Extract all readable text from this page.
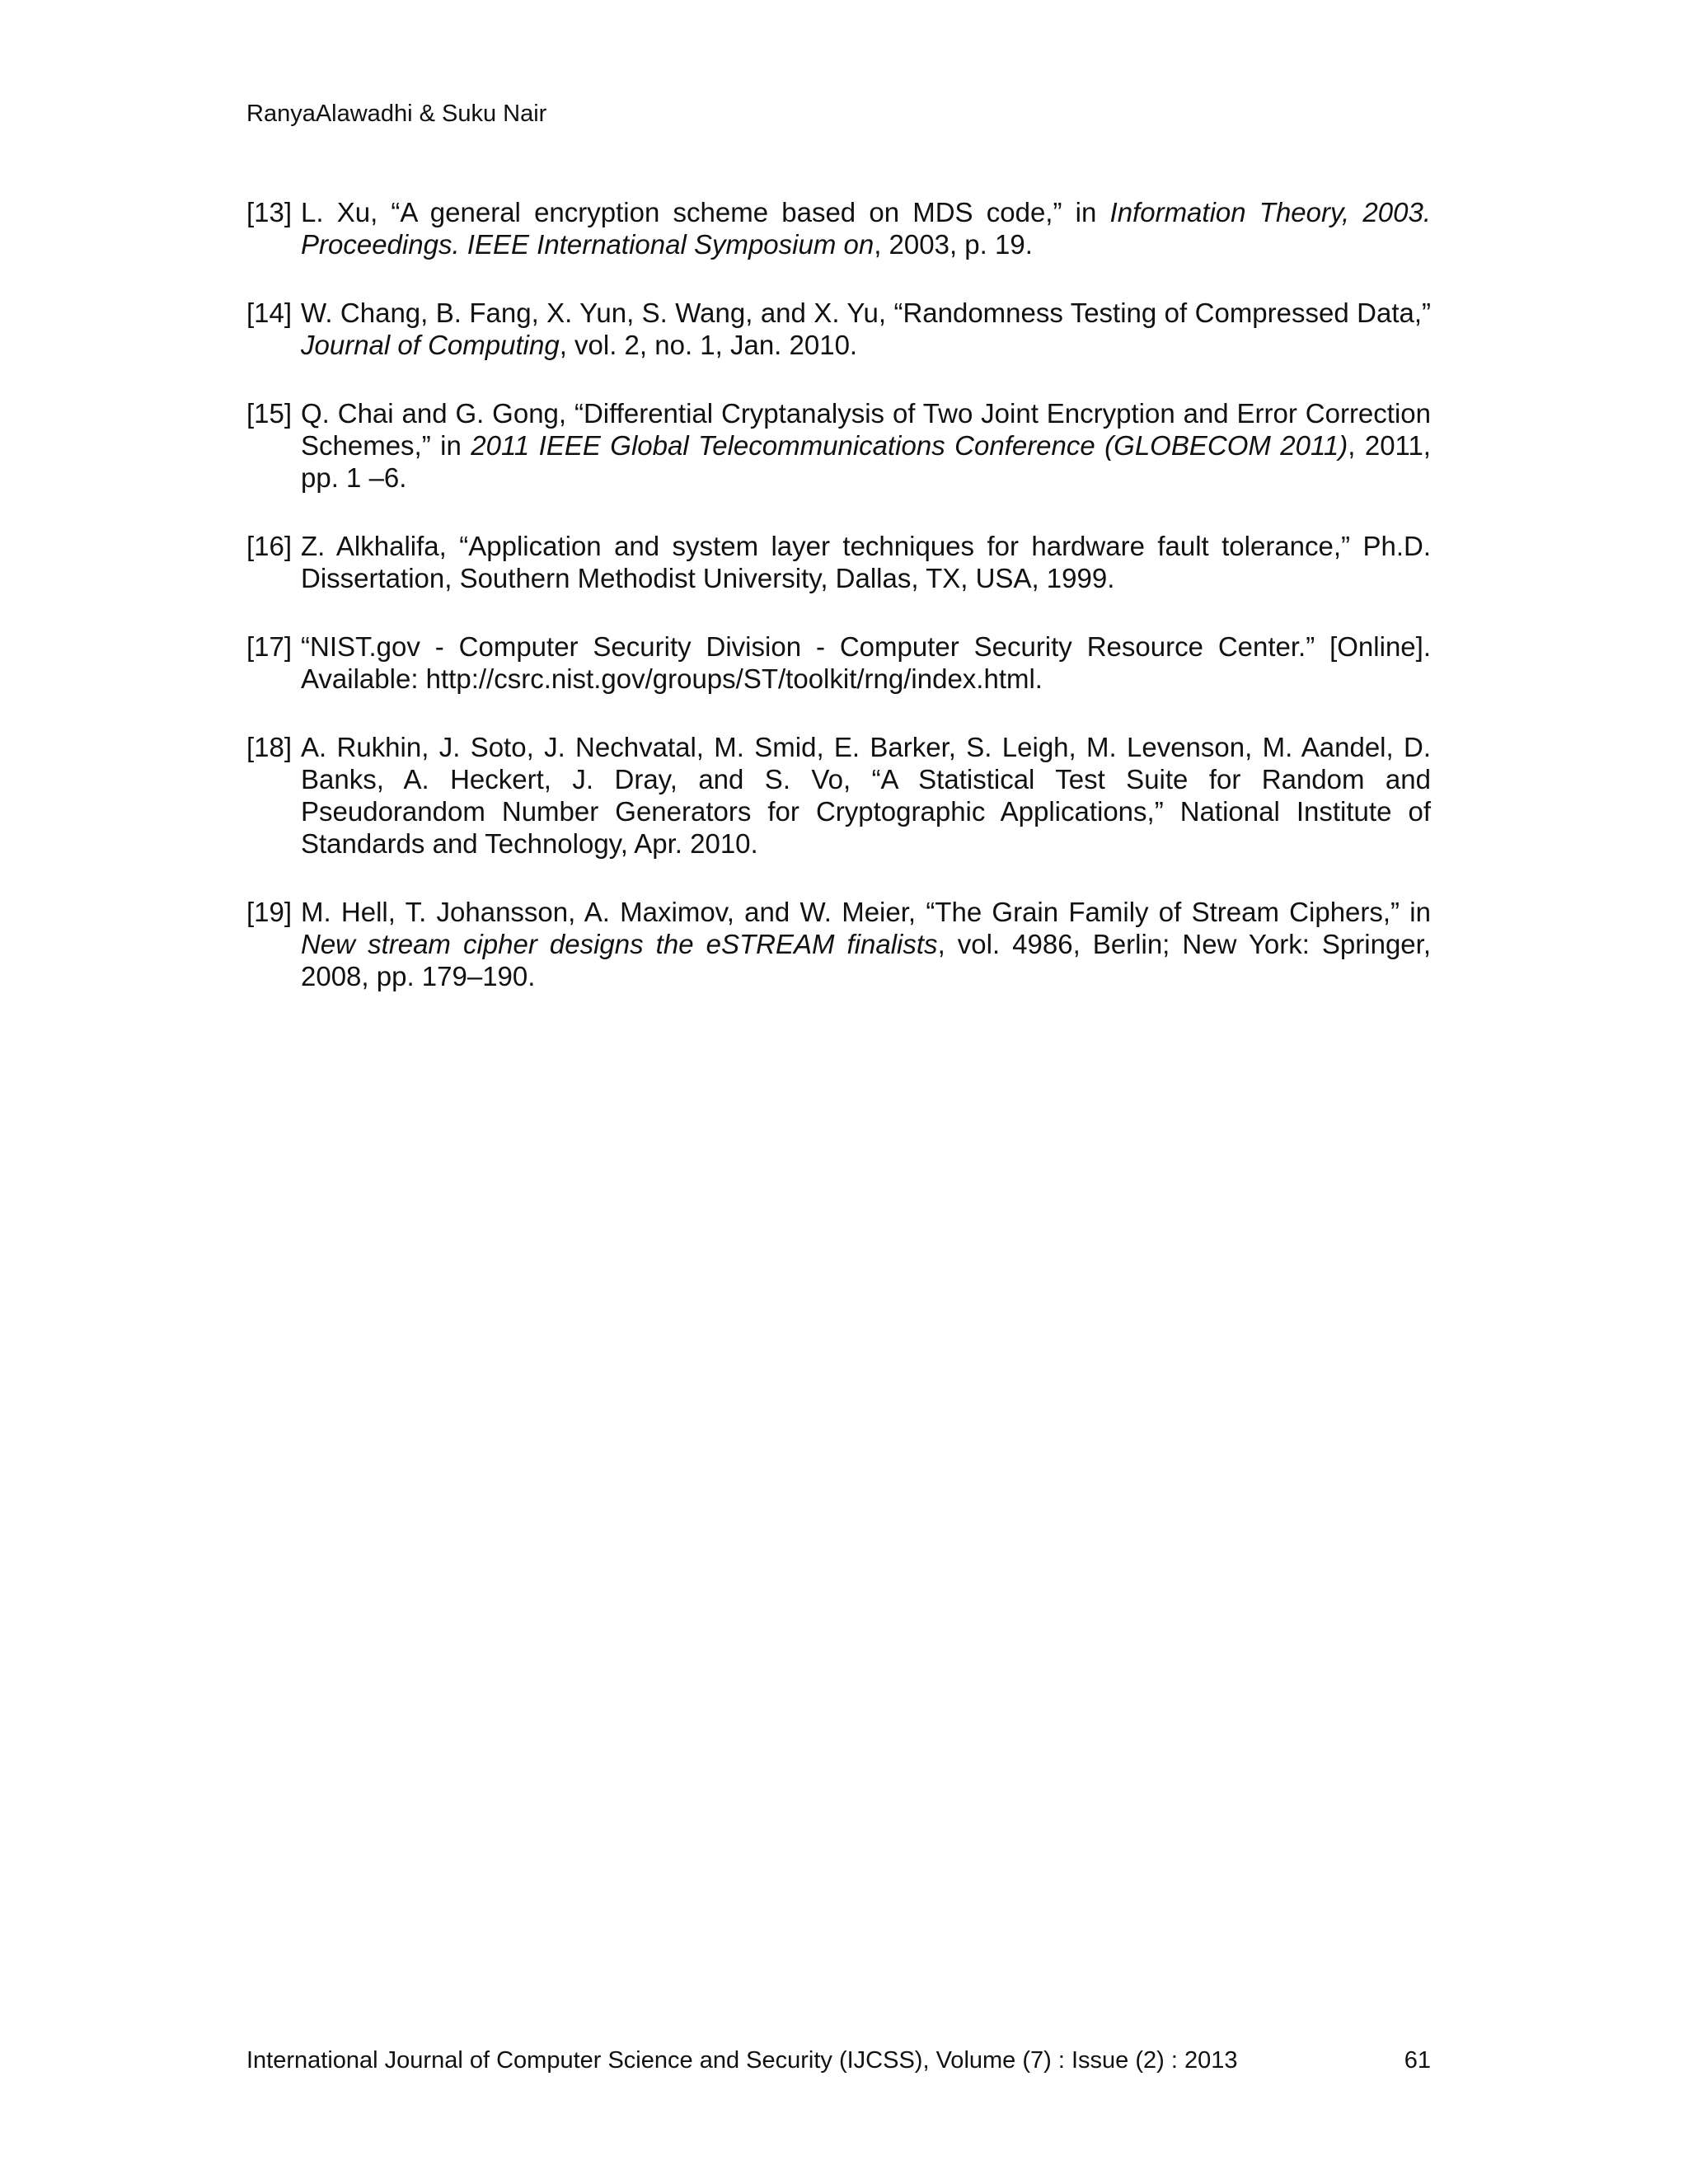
RanyaAlawadhi & Suku Nair
[13] L. Xu, “A general encryption scheme based on MDS code,” in Information Theory, 2003. Proceedings. IEEE International Symposium on, 2003, p. 19.
[14] W. Chang, B. Fang, X. Yun, S. Wang, and X. Yu, “Randomness Testing of Compressed Data,” Journal of Computing, vol. 2, no. 1, Jan. 2010.
[15] Q. Chai and G. Gong, “Differential Cryptanalysis of Two Joint Encryption and Error Correction Schemes,” in 2011 IEEE Global Telecommunications Conference (GLOBECOM 2011), 2011, pp. 1 –6.
[16] Z. Alkhalifa, “Application and system layer techniques for hardware fault tolerance,” Ph.D. Dissertation, Southern Methodist University, Dallas, TX, USA, 1999.
[17] “NIST.gov - Computer Security Division - Computer Security Resource Center.” [Online]. Available: http://csrc.nist.gov/groups/ST/toolkit/rng/index.html.
[18] A. Rukhin, J. Soto, J. Nechvatal, M. Smid, E. Barker, S. Leigh, M. Levenson, M. Aandel, D. Banks, A. Heckert, J. Dray, and S. Vo, “A Statistical Test Suite for Random and Pseudorandom Number Generators for Cryptographic Applications,” National Institute of Standards and Technology, Apr. 2010.
[19] M. Hell, T. Johansson, A. Maximov, and W. Meier, “The Grain Family of Stream Ciphers,” in New stream cipher designs the eSTREAM finalists, vol. 4986, Berlin; New York: Springer, 2008, pp. 179–190.
International Journal of Computer Science and Security (IJCSS), Volume (7) : Issue (2) : 2013	61
